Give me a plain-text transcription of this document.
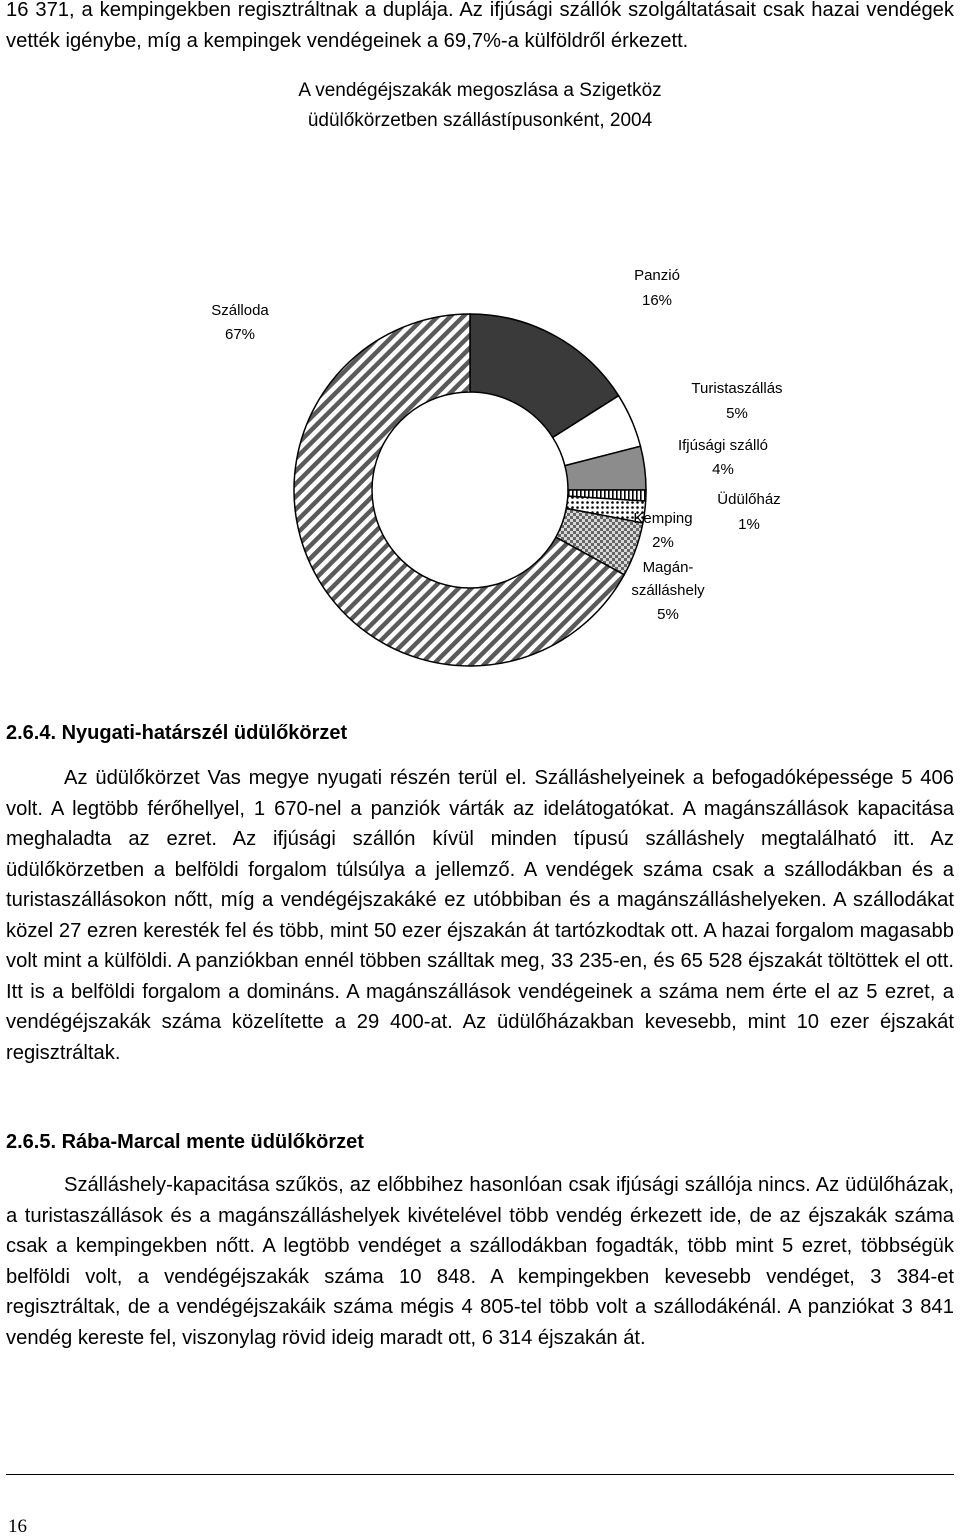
16 371, a kempingekben regisztráltnak a duplája. Az ifjúsági szállók szolgáltatásait csak hazai vendégek vették igénybe, míg a kempingek vendégeinek a 69,7%-a külföldről érkezett.

A vendégéjszakák megoszlása a Szigetköz
üdülőkörzetben szállástípusonként, 2004
Szálloda
67%
Panzió
16%
Turistaszállás
5%
Ifjúsági szálló
4%
Üdülőház
1%
Kemping
2%
Magán-
szálláshely
5%
2.6.4. Nyugati-határszél üdülőkörzet

Az üdülőkörzet Vas megye nyugati részén terül el. Szálláshelyeinek a befogadóképessége 5 406 volt. A legtöbb férőhellyel, 1 670-nel a panziók várták az idelátogatókat. A magánszállások kapacitása meghaladta az ezret. Az ifjúsági szállón kívül minden típusú szálláshely megtalálható itt. Az üdülőkörzetben a belföldi forgalom túlsúlya a jellemző. A vendégek száma csak a szállodákban és a turistaszállásokon nőtt, míg a vendégéjszakáké ez utóbbiban és a magánszálláshelyeken. A szállodákat közel 27 ezren keresték fel és több, mint 50 ezer éjszakán át tartózkodtak ott. A hazai forgalom magasabb volt mint a külföldi. A panziókban ennél többen szálltak meg, 33 235-en, és 65 528 éjszakát töltöttek el ott. Itt is a belföldi forgalom a domináns. A magánszállások vendégeinek a száma nem érte el az 5 ezret, a vendégéjszakák száma közelítette a 29 400-at. Az üdülőházakban kevesebb, mint 10 ezer éjszakát regisztráltak.

2.6.5. Rába-Marcal mente üdülőkörzet

Szálláshely-kapacitása szűkös, az előbbihez hasonlóan csak ifjúsági szállója nincs. Az üdülőházak, a turistaszállások és a magánszálláshelyek kivételével több vendég érkezett ide, de az éjszakák száma csak a kempingekben nőtt. A legtöbb vendéget a szállodákban fogadták, több mint 5 ezret, többségük belföldi volt, a vendégéjszakák száma 10 848. A kempingekben kevesebb vendéget, 3 384-et regisztráltak, de a vendégéjszakáik száma mégis 4 805-tel több volt a szállodákénál. A panziókat 3 841 vendég kereste fel, viszonylag rövid ideig maradt ott, 6 314 éjszakán át.

16
